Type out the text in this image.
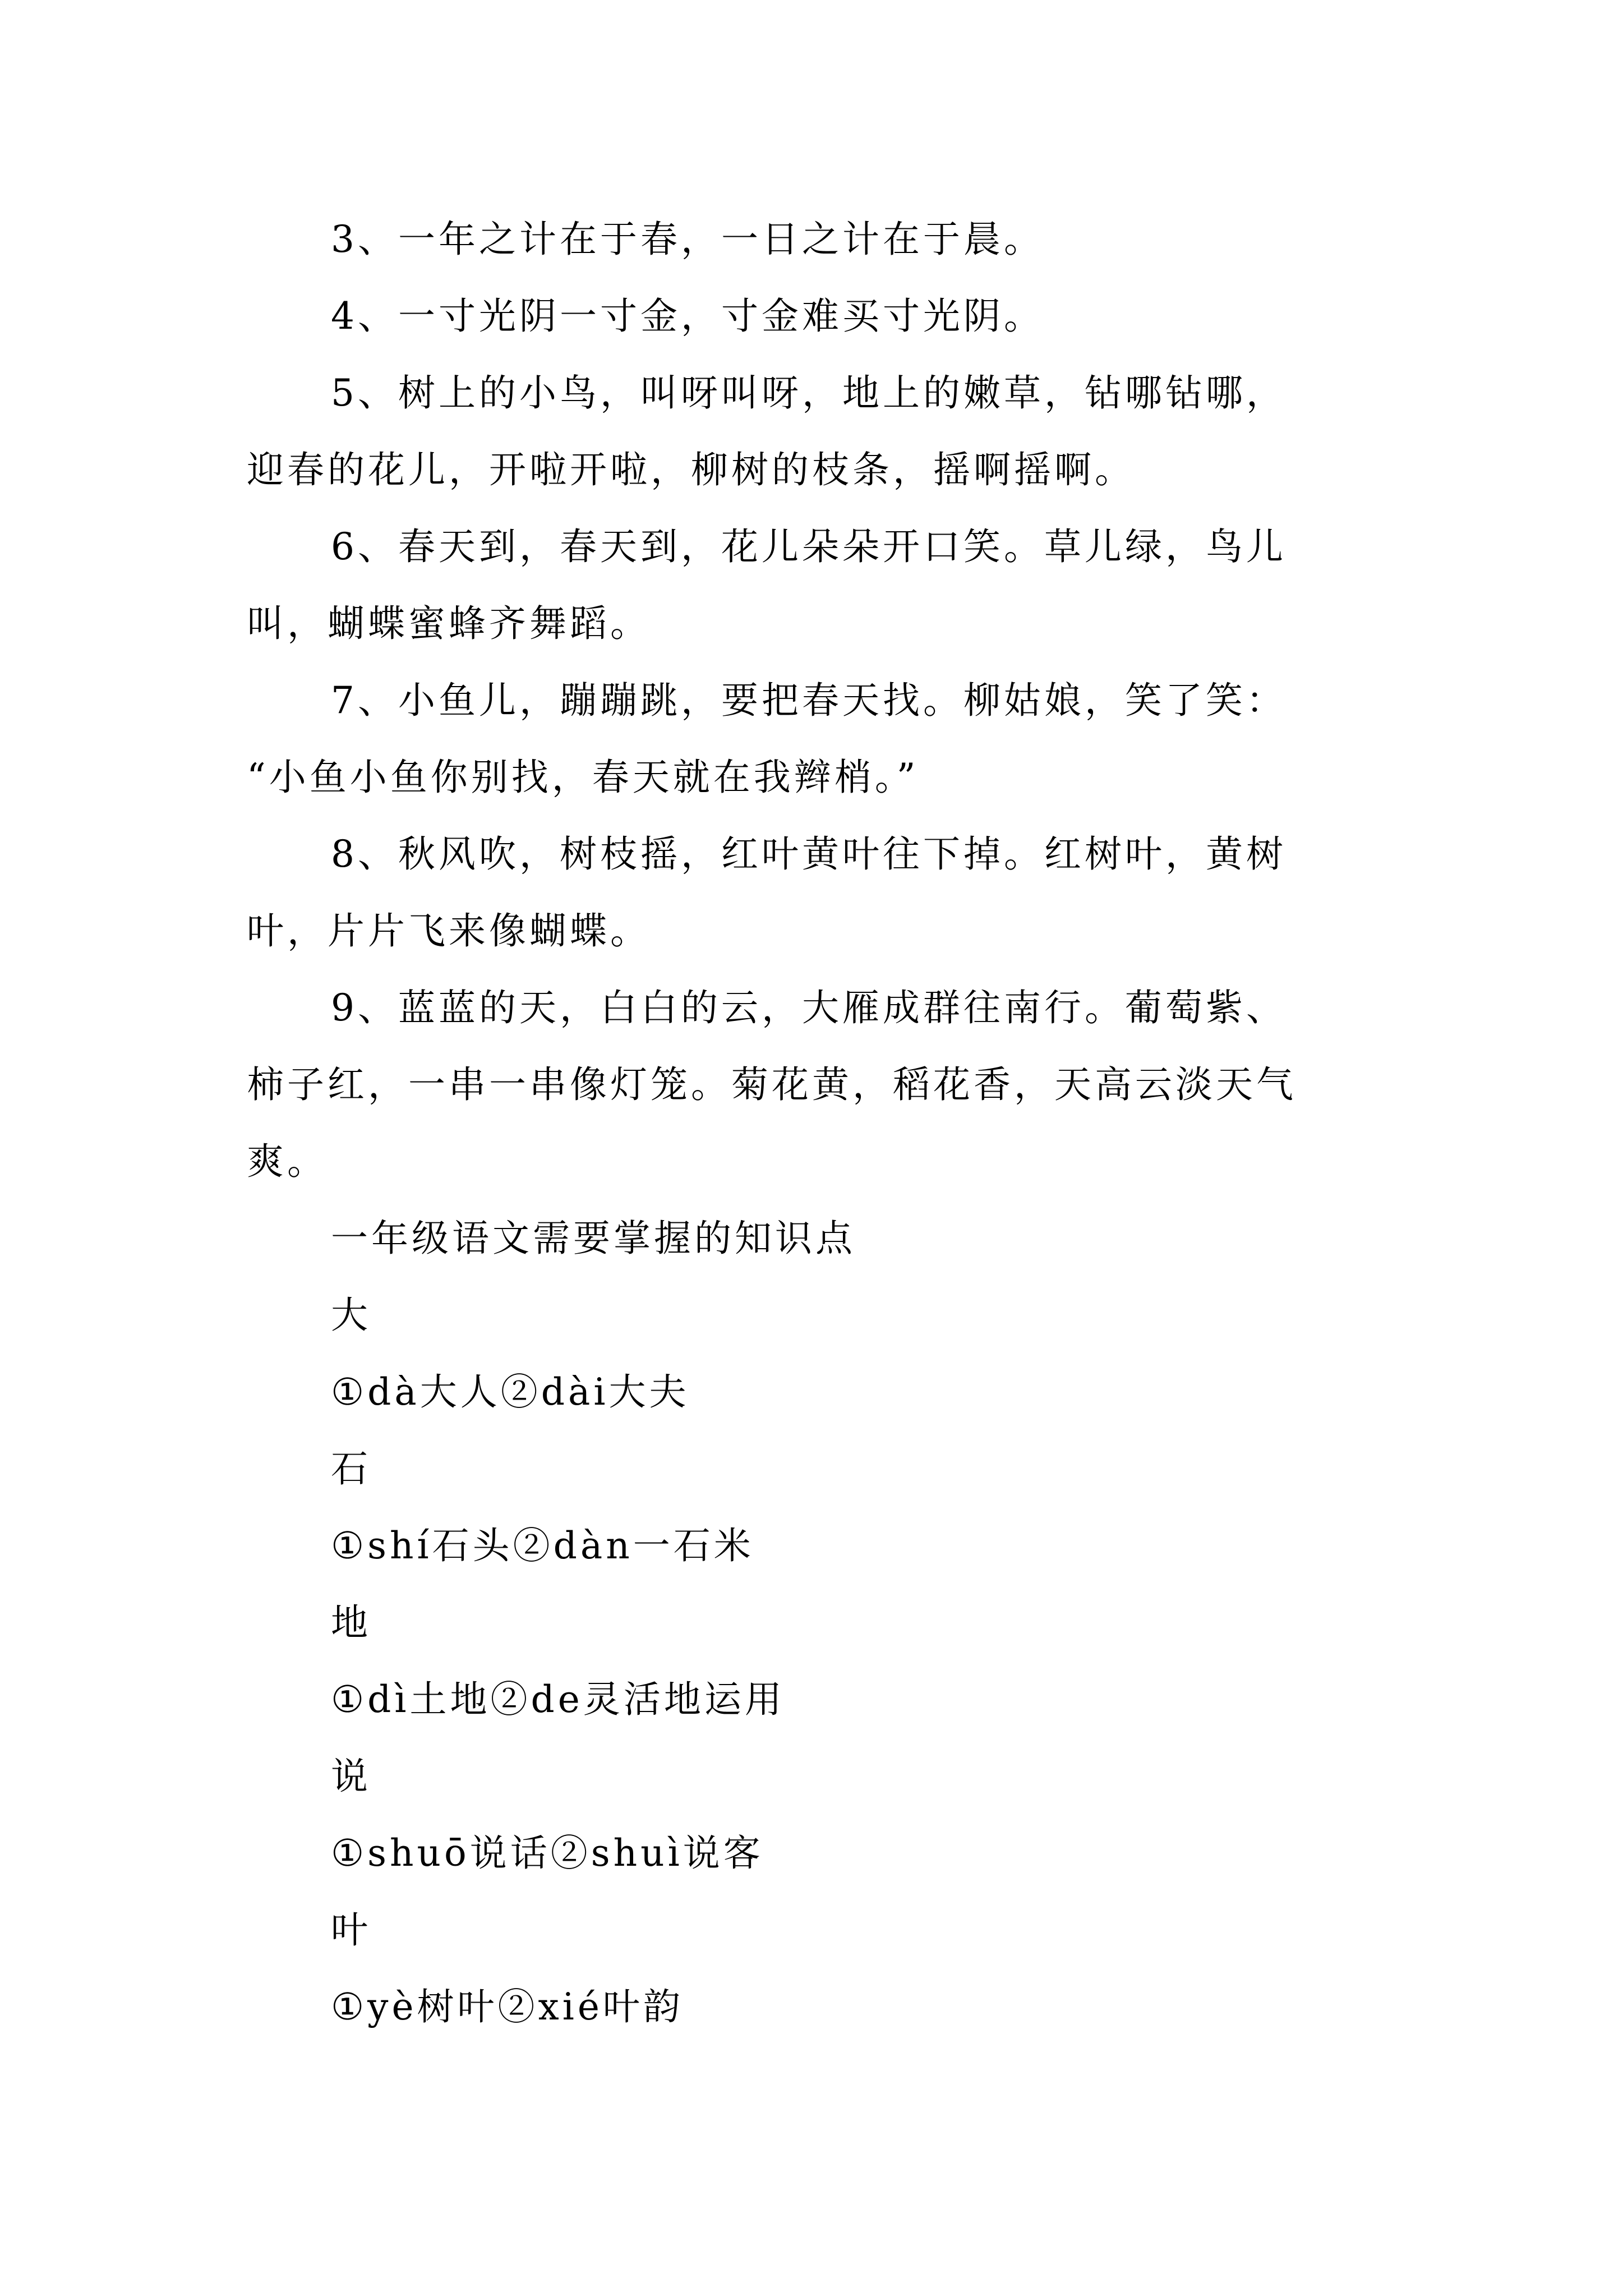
3、一年之计在于春，一日之计在于晨。
4、一寸光阴一寸金，寸金难买寸光阴。
5、树上的小鸟，叫呀叫呀，地上的嫩草，钻哪钻哪，
迎春的花儿，开啦开啦，柳树的枝条，摇啊摇啊。
6、春天到，春天到，花儿朵朵开口笑。草儿绿，鸟儿
叫，蝴蝶蜜蜂齐舞蹈。
7、小鱼儿，蹦蹦跳，要把春天找。柳姑娘，笑了笑：
“小鱼小鱼你别找，春天就在我辫梢。”
8、秋风吹，树枝摇，红叶黄叶往下掉。红树叶，黄树
叶，片片飞来像蝴蝶。
9、蓝蓝的天，白白的云，大雁成群往南行。葡萄紫、
柿子红，一串一串像灯笼。菊花黄，稻花香，天高云淡天气
爽。
一年级语文需要掌握的知识点
大
①dà大人②dài大夫
石
①shí石头②dàn一石米
地
①dì土地②de灵活地运用
说
①shuō说话②shuì说客
叶
①yè树叶②xié叶韵
